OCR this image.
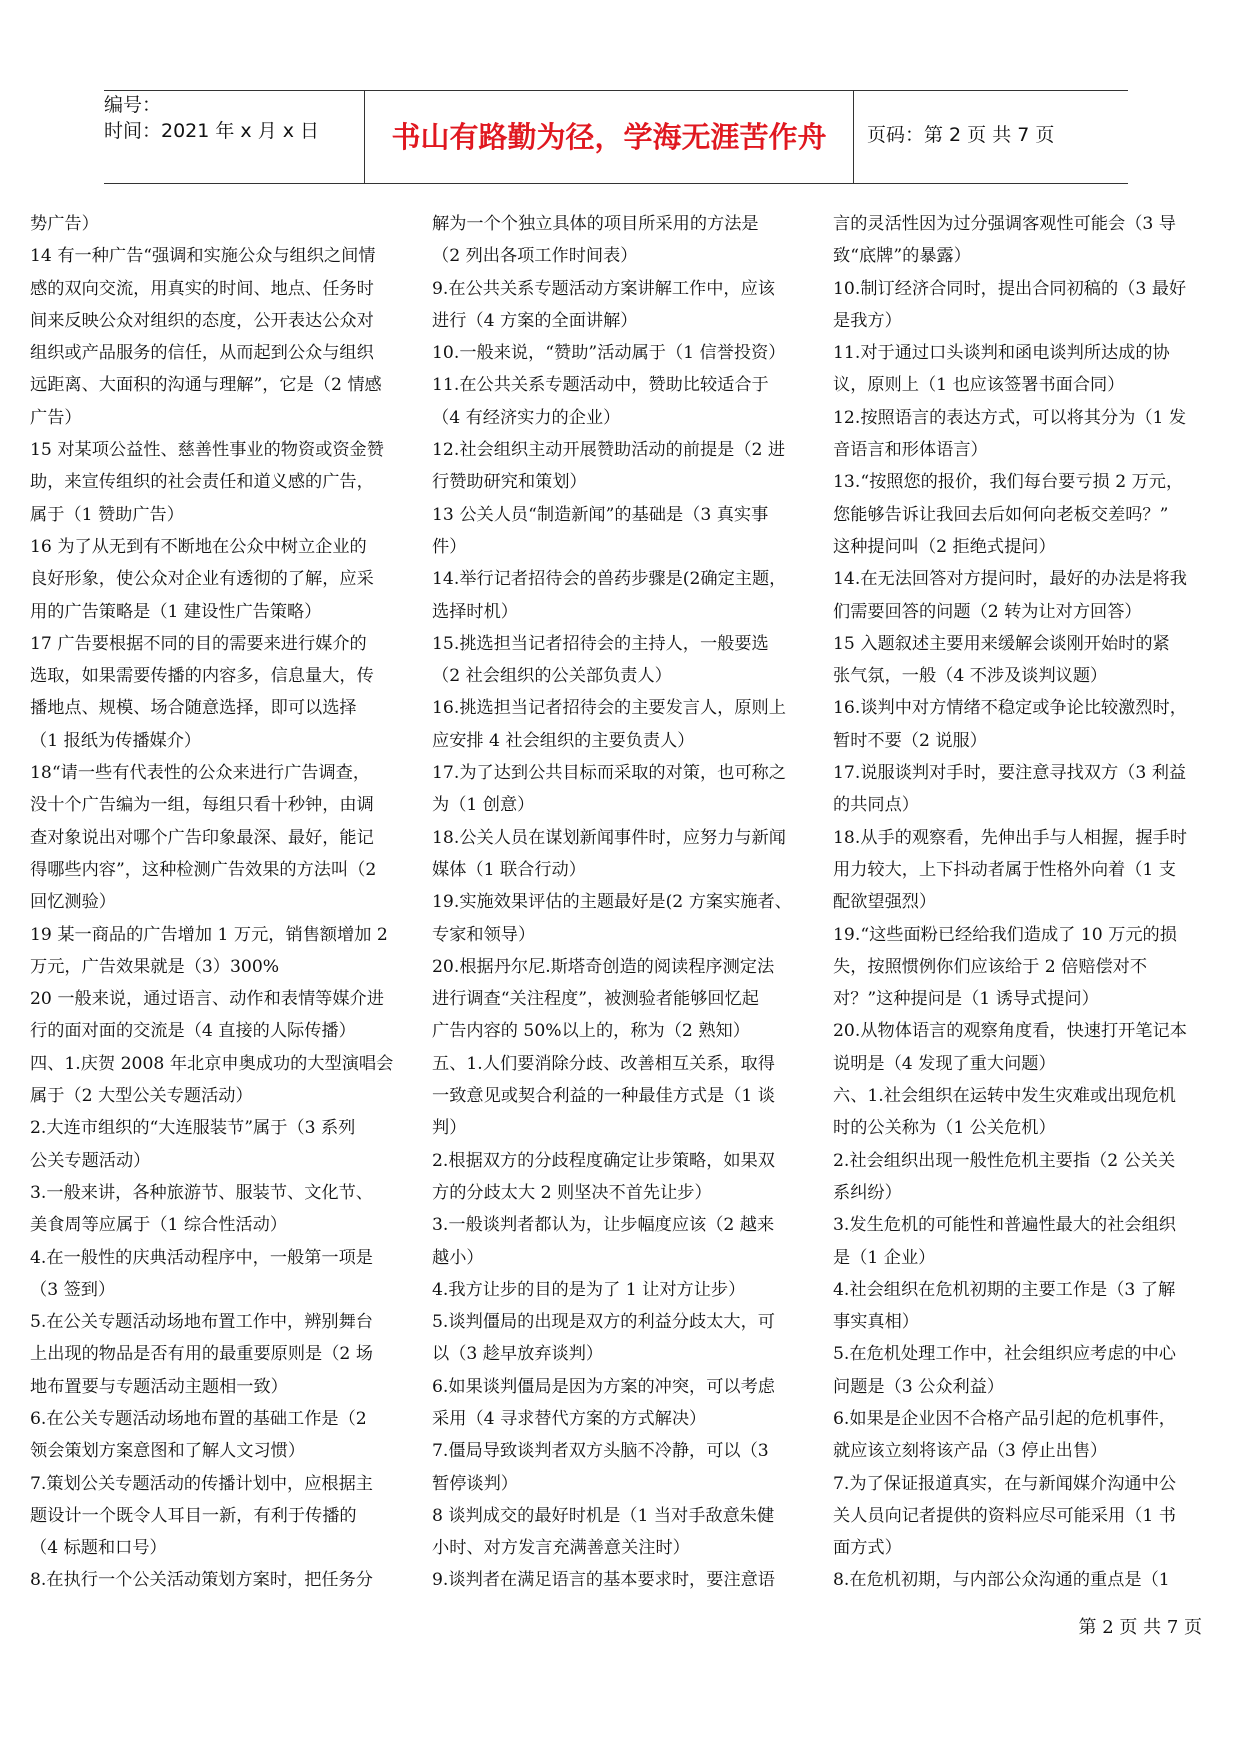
编号：
时间：2021 年 x 月 x 日	书山有路勤为径，学海无涯苦作舟	页码：第 2 页 共 7 页
势广告）
14 有一种广告“强调和实施公众与组织之间情
感的双向交流，用真实的时间、地点、任务时
间来反映公众对组织的态度，公开表达公众对
组织或产品服务的信任，从而起到公众与组织
远距离、大面积的沟通与理解”，它是（2 情感
广告）
15 对某项公益性、慈善性事业的物资或资金赞
助，来宣传组织的社会责任和道义感的广告，
属于（1 赞助广告）
16 为了从无到有不断地在公众中树立企业的
良好形象，使公众对企业有透彻的了解，应采
用的广告策略是（1 建设性广告策略）
17 广告要根据不同的目的需要来进行媒介的
选取，如果需要传播的内容多，信息量大，传
播地点、规模、场合随意选择，即可以选择
（1 报纸为传播媒介）
18“请一些有代表性的公众来进行广告调查，
没十个广告编为一组，每组只看十秒钟，由调
查对象说出对哪个广告印象最深、最好，能记
得哪些内容”，这种检测广告效果的方法叫（2
回忆测验）
19 某一商品的广告增加 1 万元，销售额增加 2
万元，广告效果就是（3）300%
20 一般来说，通过语言、动作和表情等媒介进
行的面对面的交流是（4 直接的人际传播）
四、1.庆贺 2008 年北京申奥成功的大型演唱会
属于（2 大型公关专题活动）
2.大连市组织的“大连服装节”属于（3 系列
公关专题活动）
3.一般来讲，各种旅游节、服装节、文化节、
美食周等应属于（1 综合性活动）
4.在一般性的庆典活动程序中，一般第一项是
（3 签到）
5.在公关专题活动场地布置工作中，辨别舞台
上出现的物品是否有用的最重要原则是（2 场
地布置要与专题活动主题相一致）
6.在公关专题活动场地布置的基础工作是（2
领会策划方案意图和了解人文习惯）
7.策划公关专题活动的传播计划中，应根据主
题设计一个既令人耳目一新，有利于传播的
（4 标题和口号）
8.在执行一个公关活动策划方案时，把任务分
解为一个个独立具体的项目所采用的方法是
（2 列出各项工作时间表）
9.在公共关系专题活动方案讲解工作中，应该
进行（4 方案的全面讲解）
10.一般来说，“赞助”活动属于（1 信誉投资）
11.在公共关系专题活动中，赞助比较适合于
（4 有经济实力的企业）
12.社会组织主动开展赞助活动的前提是（2 进
行赞助研究和策划）
13 公关人员“制造新闻”的基础是（3 真实事
件）
14.举行记者招待会的兽药步骤是(2确定主题，
选择时机）
15.挑选担当记者招待会的主持人，一般要选
（2 社会组织的公关部负责人）
16.挑选担当记者招待会的主要发言人，原则上
应安排 4 社会组织的主要负责人）
17.为了达到公共目标而采取的对策，也可称之
为（1 创意）
18.公关人员在谋划新闻事件时，应努力与新闻
媒体（1 联合行动）
19.实施效果评估的主题最好是(2 方案实施者、
专家和领导）
20.根据丹尔尼.斯塔奇创造的阅读程序测定法
进行调查“关注程度”，被测验者能够回忆起
广告内容的 50%以上的，称为（2 熟知）
五、1.人们要消除分歧、改善相互关系，取得
一致意见或契合利益的一种最佳方式是（1 谈
判）
2.根据双方的分歧程度确定让步策略，如果双
方的分歧太大 2 则坚决不首先让步）
3.一般谈判者都认为，让步幅度应该（2 越来
越小）
4.我方让步的目的是为了 1 让对方让步）
5.谈判僵局的出现是双方的利益分歧太大，可
以（3 趁早放弃谈判）
6.如果谈判僵局是因为方案的冲突，可以考虑
采用（4 寻求替代方案的方式解决）
7.僵局导致谈判者双方头脑不冷静，可以（3
暂停谈判）
8 谈判成交的最好时机是（1 当对手敌意朱健
小时、对方发言充满善意关注时）
9.谈判者在满足语言的基本要求时，要注意语
言的灵活性因为过分强调客观性可能会（3 导
致“底牌”的暴露）
10.制订经济合同时，提出合同初稿的（3 最好
是我方）
11.对于通过口头谈判和函电谈判所达成的协
议，原则上（1 也应该签署书面合同）
12.按照语言的表达方式，可以将其分为（1 发
音语言和形体语言）
13.“按照您的报价，我们每台要亏损 2 万元，
您能够告诉让我回去后如何向老板交差吗？”
这种提问叫（2 拒绝式提问）
14.在无法回答对方提问时，最好的办法是将我
们需要回答的问题（2 转为让对方回答）
15 入题叙述主要用来缓解会谈刚开始时的紧
张气氛，一般（4 不涉及谈判议题）
16.谈判中对方情绪不稳定或争论比较激烈时，
暂时不要（2 说服）
17.说服谈判对手时，要注意寻找双方（3 利益
的共同点）
18.从手的观察看，先伸出手与人相握，握手时
用力较大，上下抖动者属于性格外向着（1 支
配欲望强烈）
19.“这些面粉已经给我们造成了 10 万元的损
失，按照惯例你们应该给于 2 倍赔偿对不
对？”这种提问是（1 诱导式提问）
20.从物体语言的观察角度看，快速打开笔记本
说明是（4 发现了重大问题）
六、1.社会组织在运转中发生灾难或出现危机
时的公关称为（1 公关危机）
2.社会组织出现一般性危机主要指（2 公关关
系纠纷）
3.发生危机的可能性和普遍性最大的社会组织
是（1 企业）
4.社会组织在危机初期的主要工作是（3 了解
事实真相）
5.在危机处理工作中，社会组织应考虑的中心
问题是（3 公众利益）
6.如果是企业因不合格产品引起的危机事件，
就应该立刻将该产品（3 停止出售）
7.为了保证报道真实，在与新闻媒介沟通中公
关人员向记者提供的资料应尽可能采用（1 书
面方式）
8.在危机初期，与内部公众沟通的重点是（1
第 2 页 共 7 页
